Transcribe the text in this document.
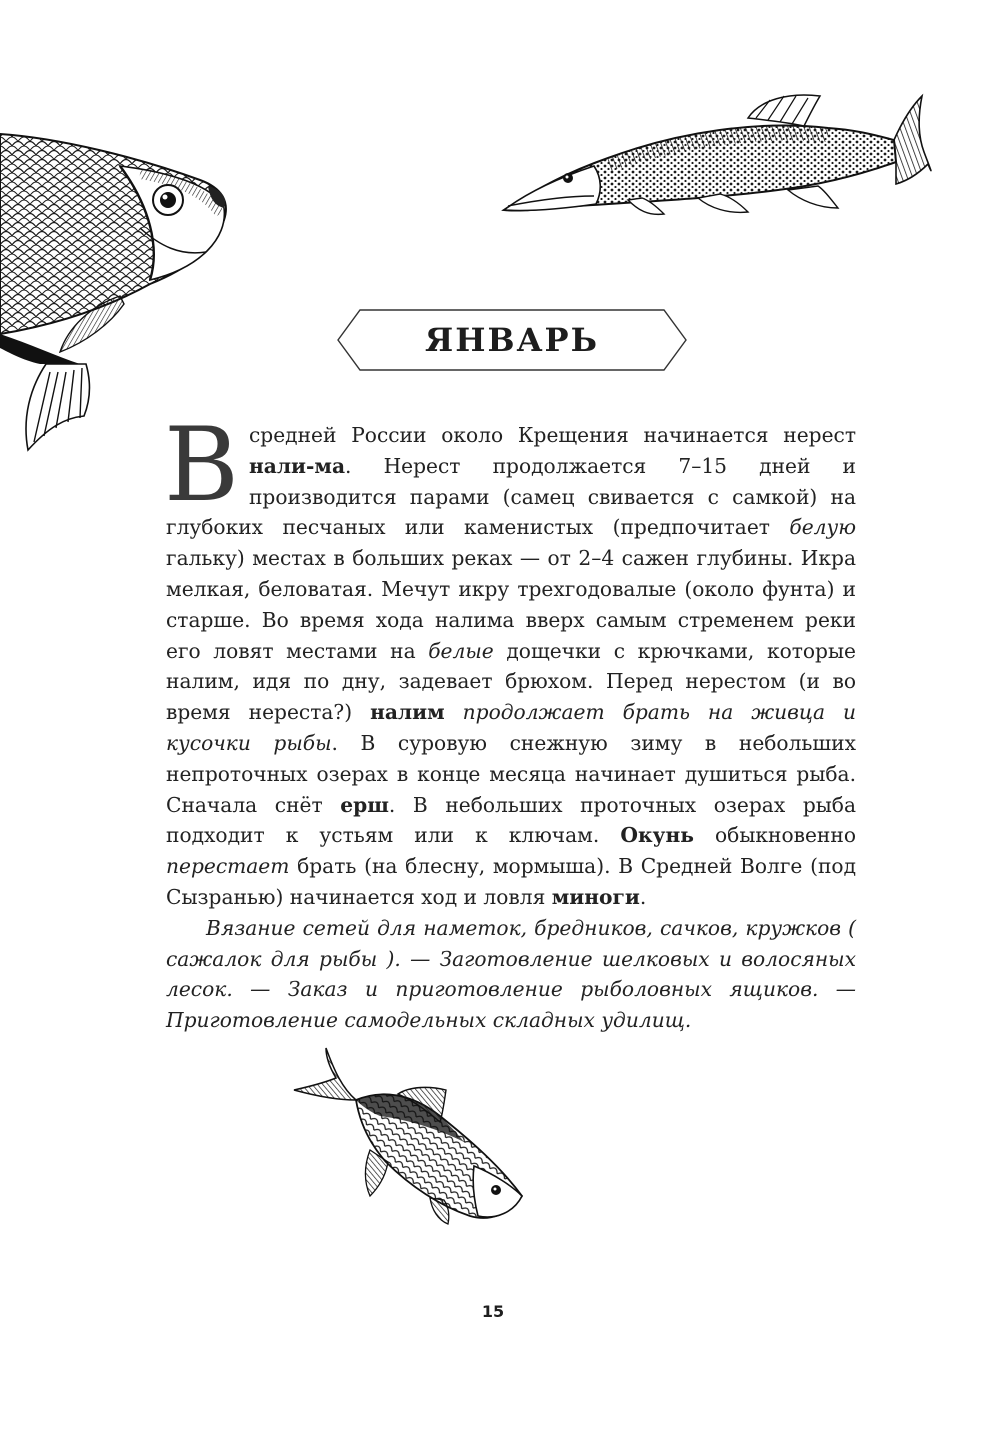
ЯНВАРЬ

В средней России около Крещения начинается нерест нали-ма. Нерест продолжается 7–15 дней и производится парами (самец свивается с самкой) на глубоких песчаных или каменистых (предпочитает белую гальку) местах в больших реках — от 2–4 сажен глубины. Икра мелкая, беловатая. Мечут икру трехгодовалые (около фунта) и старше. Во время хода налима вверх самым стременем реки его ловят местами на белые дощечки с крючками, которые налим, идя по дну, задевает брюхом. Перед нерестом (и во время нереста?) налим продолжает брать на живца и кусочки рыбы. В суровую снежную зиму в небольших непроточных озерах в конце месяца начинает душиться рыба. Сначала снёт ерш. В небольших проточных озерах рыба подходит к устьям или к ключам. Окунь обыкновенно перестает брать (на блесну, мормыша). В Средней Волге (под Сызранью) начинается ход и ловля миноги.

Вязание сетей для наметок, бредников, сачков, кружков ( сажалок для рыбы ). — Заготовление шелковых и волосяных лесок. — Заказ и приготовление рыболовных ящиков. — Приготовление самодельных складных удилищ.

15
